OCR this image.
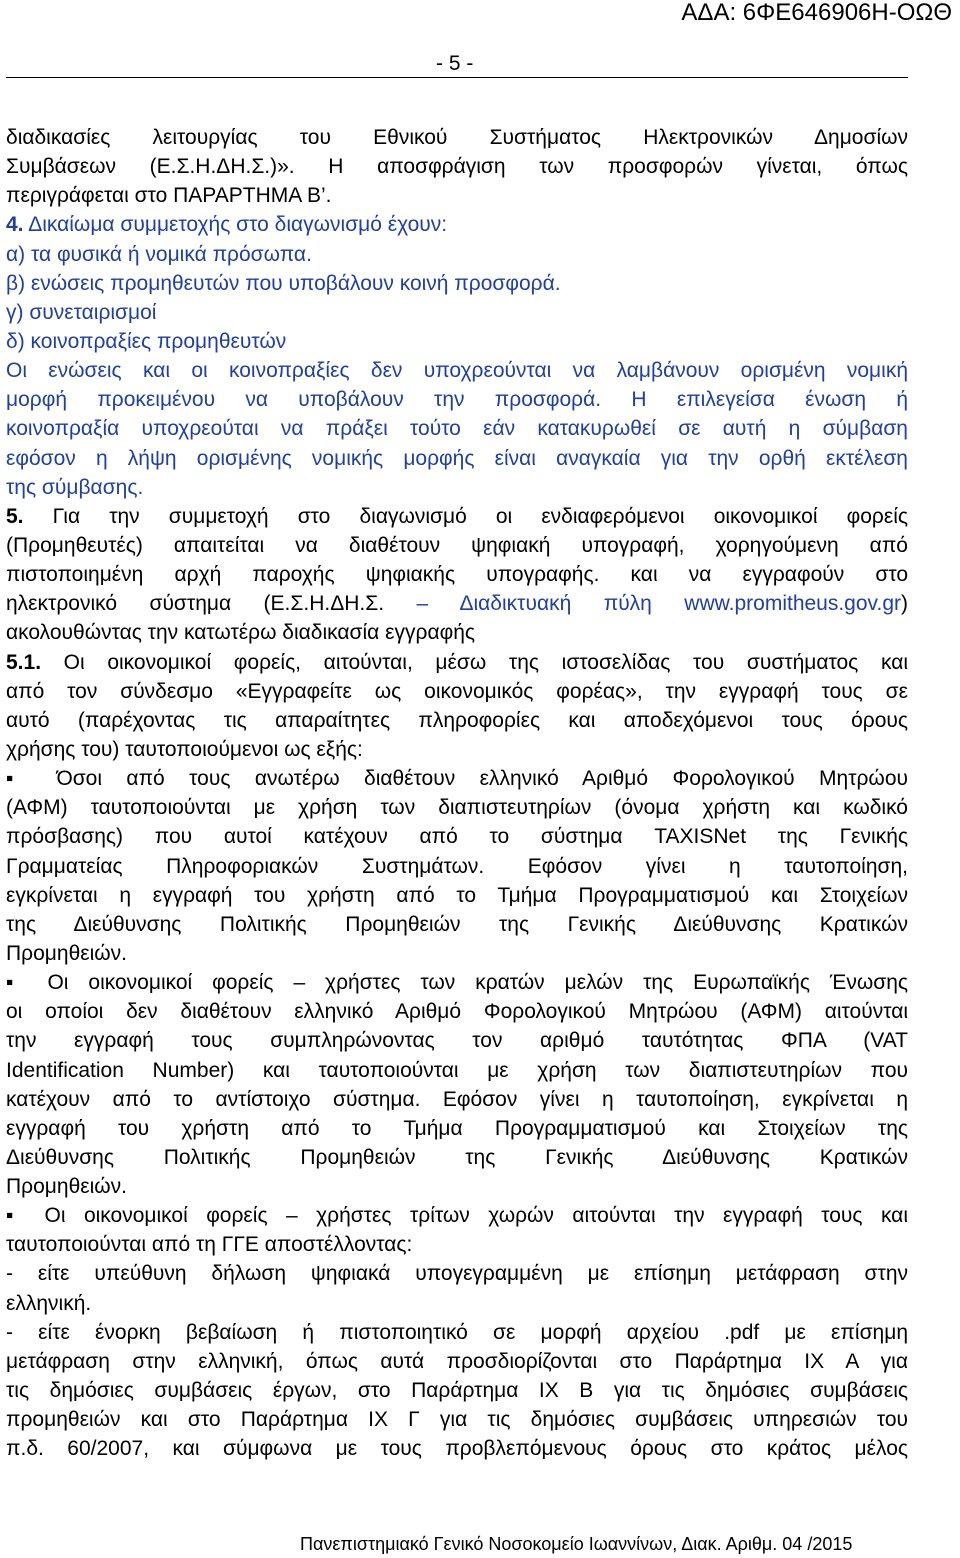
ΑΔΑ: 6ΦΕ646906Η-ΟΩΘ
- 5 -
διαδικασίες λειτουργίας του Εθνικού Συστήματος Ηλεκτρονικών Δημοσίων
Συμβάσεων (Ε.Σ.Η.ΔΗ.Σ.)». Η αποσφράγιση των προσφορών γίνεται, όπως
περιγράφεται στο ΠΑΡΑΡΤΗΜΑ Β’.
4. Δικαίωμα συμμετοχής στο διαγωνισμό έχουν:
α) τα φυσικά ή νομικά πρόσωπα.
β) ενώσεις προμηθευτών που υποβάλουν κοινή προσφορά.
γ) συνεταιρισμοί
δ) κοινοπραξίες προμηθευτών
Οι ενώσεις και οι κοινοπραξίες δεν υποχρεούνται να λαμβάνουν ορισμένη νομική
μορφή προκειμένου να υποβάλουν την προσφορά. Η επιλεγείσα ένωση ή
κοινοπραξία υποχρεούται να πράξει τούτο εάν κατακυρωθεί σε αυτή η σύμβαση
εφόσον η λήψη ορισμένης νομικής μορφής είναι αναγκαία για την ορθή εκτέλεση
της σύμβασης.
5. Για την συμμετοχή στο διαγωνισμό οι ενδιαφερόμενοι οικονομικοί φορείς
(Προμηθευτές) απαιτείται να διαθέτουν ψηφιακή υπογραφή, χορηγούμενη από
πιστοποιημένη αρχή παροχής ψηφιακής υπογραφής. και να εγγραφούν στο
ηλεκτρονικό σύστημα (Ε.Σ.Η.ΔΗ.Σ. – Διαδικτυακή πύλη www.promitheus.gov.gr)
ακολουθώντας την κατωτέρω διαδικασία εγγραφής
5.1. Οι οικονομικοί φορείς, αιτούνται, μέσω της ιστοσελίδας του συστήματος και
από τον σύνδεσμο «Εγγραφείτε ως οικονομικός φορέας», την εγγραφή τους σε
αυτό (παρέχοντας τις απαραίτητες πληροφορίες και αποδεχόμενοι τους όρους
χρήσης του) ταυτοποιούμενοι ως εξής:
▪ Όσοι από τους ανωτέρω διαθέτουν ελληνικό Αριθμό Φορολογικού Μητρώου
(ΑΦΜ) ταυτοποιούνται με χρήση των διαπιστευτηρίων (όνομα χρήστη και κωδικό
πρόσβασης) που αυτοί κατέχουν από το σύστημα TAXISNet της Γενικής
Γραμματείας Πληροφοριακών Συστημάτων. Εφόσον γίνει η ταυτοποίηση,
εγκρίνεται η εγγραφή του χρήστη από το Τμήμα Προγραμματισμού και Στοιχείων
της Διεύθυνσης Πολιτικής Προμηθειών της Γενικής Διεύθυνσης Κρατικών
Προμηθειών.
▪ Οι οικονομικοί φορείς – χρήστες των κρατών μελών της Ευρωπαϊκής Ένωσης
οι οποίοι δεν διαθέτουν ελληνικό Αριθμό Φορολογικού Μητρώου (ΑΦΜ) αιτούνται
την εγγραφή τους συμπληρώνοντας τον αριθμό ταυτότητας ΦΠΑ (VAT
Identification Number) και ταυτοποιούνται με χρήση των διαπιστευτηρίων που
κατέχουν από το αντίστοιχο σύστημα. Εφόσον γίνει η ταυτοποίηση, εγκρίνεται η
εγγραφή του χρήστη από το Τμήμα Προγραμματισμού και Στοιχείων της
Διεύθυνσης Πολιτικής Προμηθειών της Γενικής Διεύθυνσης Κρατικών
Προμηθειών.
▪ Οι οικονομικοί φορείς – χρήστες τρίτων χωρών αιτούνται την εγγραφή τους και
ταυτοποιούνται από τη ΓΓΕ αποστέλλοντας:
- είτε υπεύθυνη δήλωση ψηφιακά υπογεγραμμένη με επίσημη μετάφραση στην
ελληνική.
- είτε ένορκη βεβαίωση ή πιστοποιητικό σε μορφή αρχείου .pdf με επίσημη
μετάφραση στην ελληνική, όπως αυτά προσδιορίζονται στο Παράρτημα ΙΧ Α για
τις δημόσιες συμβάσεις έργων, στο Παράρτημα ΙΧ Β για τις δημόσιες συμβάσεις
προμηθειών και στο Παράρτημα ΙΧ Γ για τις δημόσιες συμβάσεις υπηρεσιών του
π.δ. 60/2007, και σύμφωνα με τους προβλεπόμενους όρους στο κράτος μέλος
Πανεπιστημιακό Γενικό Νοσοκομείο Ιωαννίνων, Διακ. Αριθμ. 04 /2015
